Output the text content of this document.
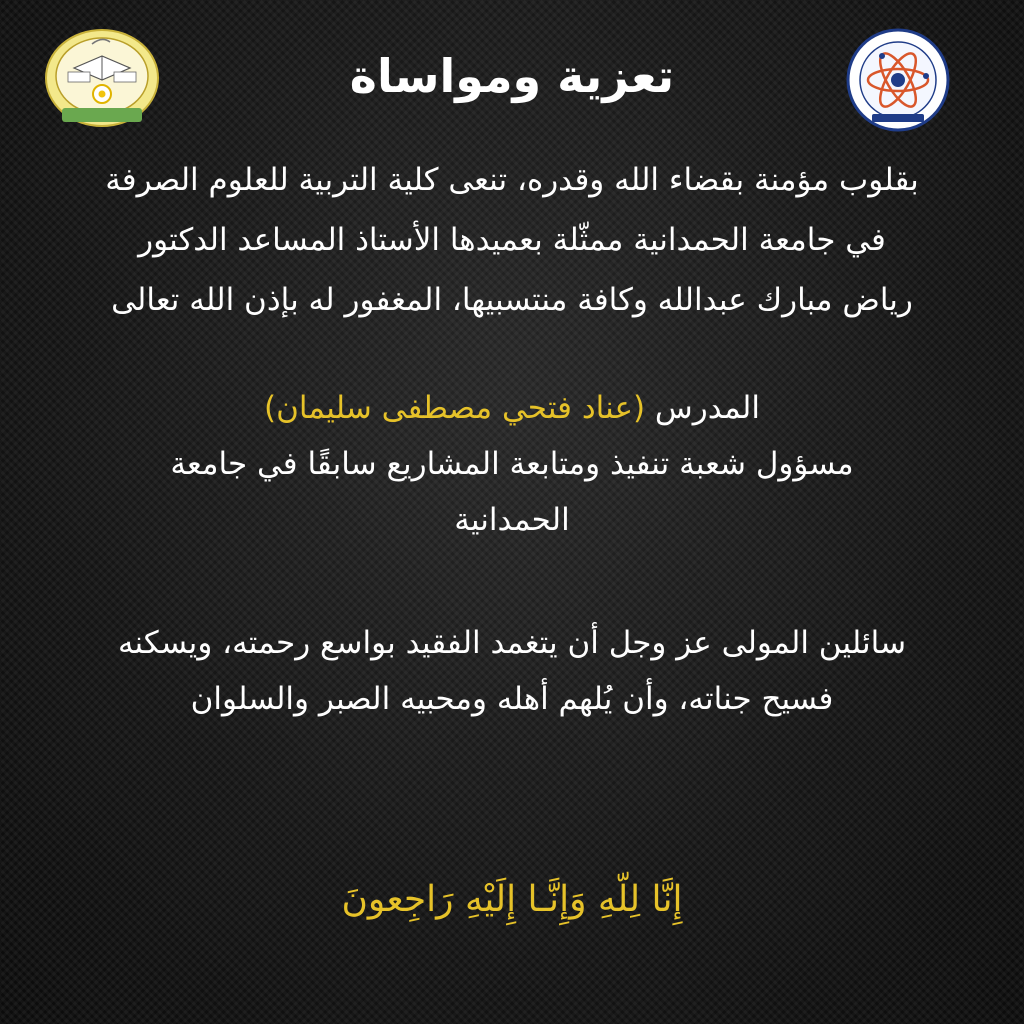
تعزية ومواساة
بقلوب مؤمنة بقضاء الله وقدره، تنعى كلية التربية للعلوم الصرفة
في جامعة الحمدانية ممثّلة بعميدها الأستاذ المساعد الدكتور
رياض مبارك عبدالله وكافة منتسبيها، المغفور له بإذن الله تعالى
المدرس (عناد فتحي مصطفى سليمان)
مسؤول شعبة تنفيذ ومتابعة المشاريع سابقًا في جامعة
الحمدانية
سائلين المولى عز وجل أن يتغمد الفقيد بواسع رحمته، ويسكنه
فسيح جناته، وأن يُلهم أهله ومحبيه الصبر والسلوان
إِنَّا لِلّهِ وَإِنَّـا إِلَيْهِ رَاجِعونَ
